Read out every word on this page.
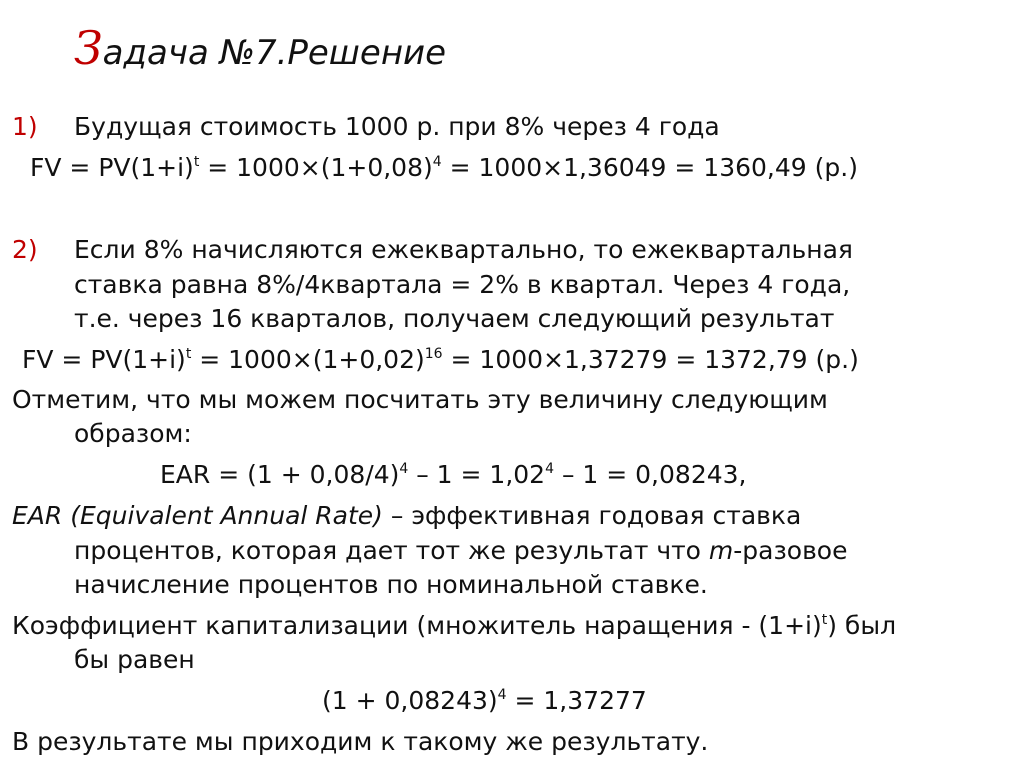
Задача №7.Решение
1) Будущая стоимость 1000 р. при 8% через 4 года
FV = $PV(1+i)^t = 1000\times(1+0,08)^4 = 1000\times 1,36049 = 1360,49$ (р.)
2) Если 8% начисляются ежеквартально, то ежеквартальная
ставка равна 8%/4квартала = 2% в квартал. Через 4 года,
т.е. через 16 кварталов, получаем следующий результат
FV = $PV(1+i)^t = 1000\times(1+0,02)^{16} = 1000\times 1,37279 = 1372,79$ (р.)
Отметим, что мы можем посчитать эту величину следующим
образом:
EAR = $(1 + 0,08/4)^4 - 1 = 1,02^4 - 1 = 0,08243$,
EAR (Equivalent Annual Rate) – эффективная годовая ставка
процентов, которая дает тот же результат что m-разовое
начисление процентов по номинальной ставке.
Коэффициент капитализации (множитель наращения - $(1+i)^t$) был
бы равен
$(1 + 0,08243)^4 = 1,37277$
В результате мы приходим к такому же результату.
